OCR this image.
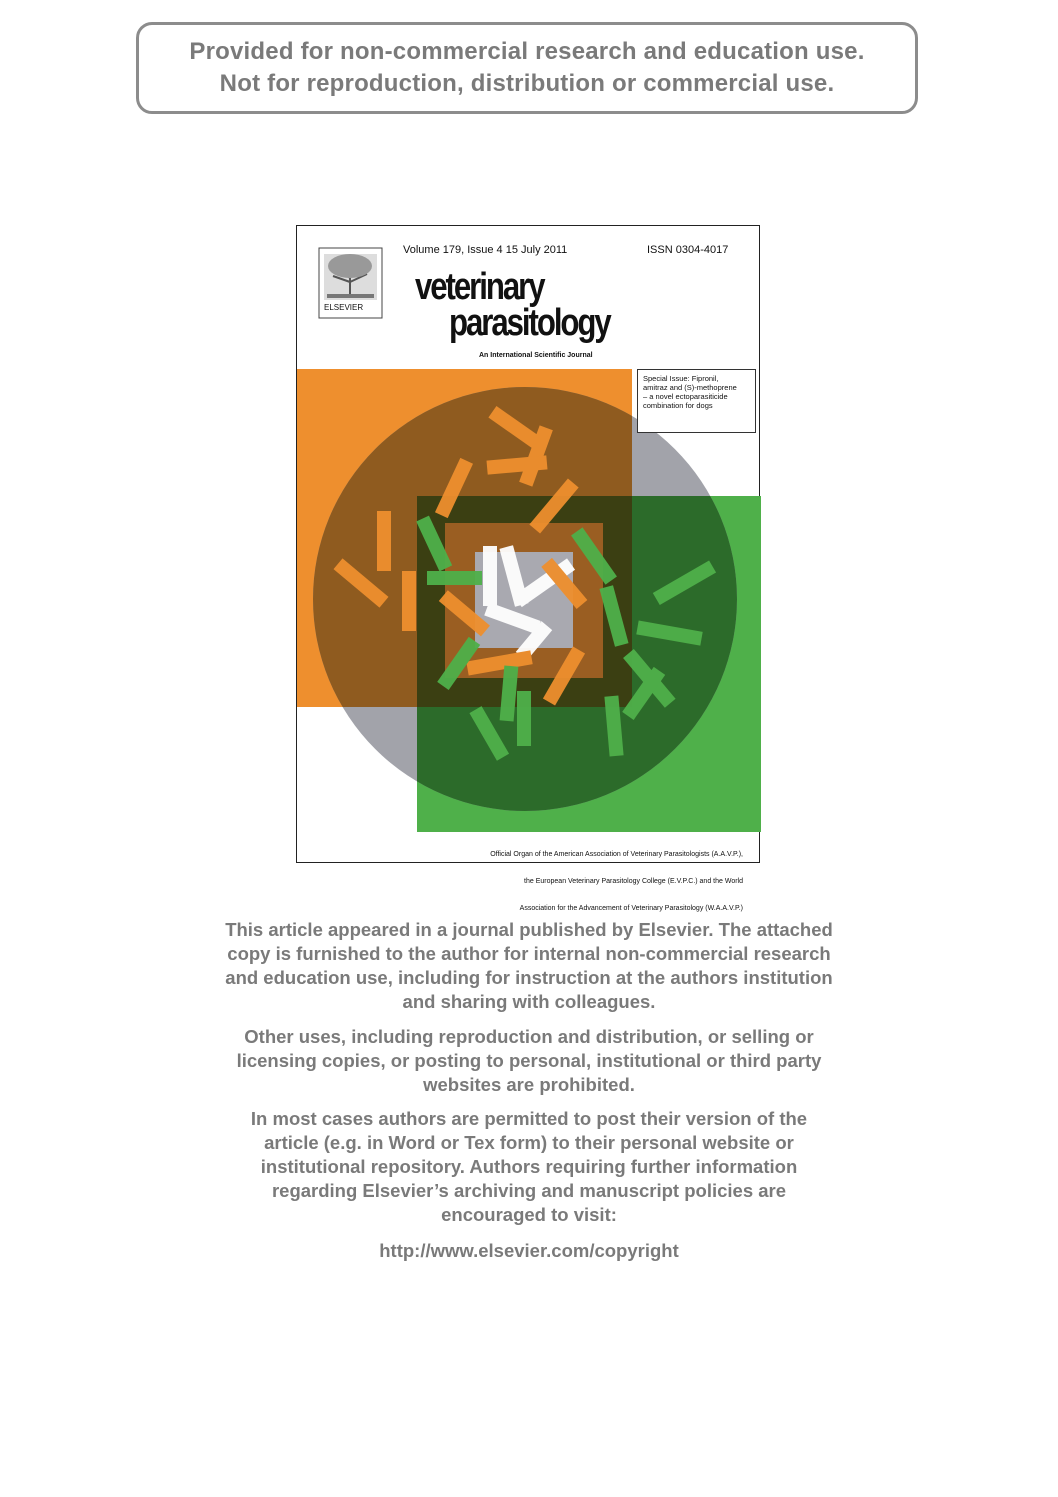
Provided for non-commercial research and education use.
Not for reproduction, distribution or commercial use.
ELSEVIER
Volume 179, Issue 4 15 July 2011	ISSN 0304-4017
veterinary
parasitology
An International Scientific Journal
Special Issue: Fipronil,
amitraz and (S)-methoprene
– a novel ectoparasiticide
combination for dogs

Official Organ of the American Association of Veterinary Parasitologists (A.A.V.P.),

the European Veterinary Parasitology College (E.V.P.C.) and the World

Association for the Advancement of Veterinary Parasitology (W.A.A.V.P.)

This article appeared in a journal published by Elsevier. The attached
copy is furnished to the author for internal non-commercial research
and education use, including for instruction at the authors institution
and sharing with colleagues.
Other uses, including reproduction and distribution, or selling or
licensing copies, or posting to personal, institutional or third party
websites are prohibited.
In most cases authors are permitted to post their version of the
article (e.g. in Word or Tex form) to their personal website or
institutional repository. Authors requiring further information
regarding Elsevier’s archiving and manuscript policies are
encouraged to visit:
http://www.elsevier.com/copyright
